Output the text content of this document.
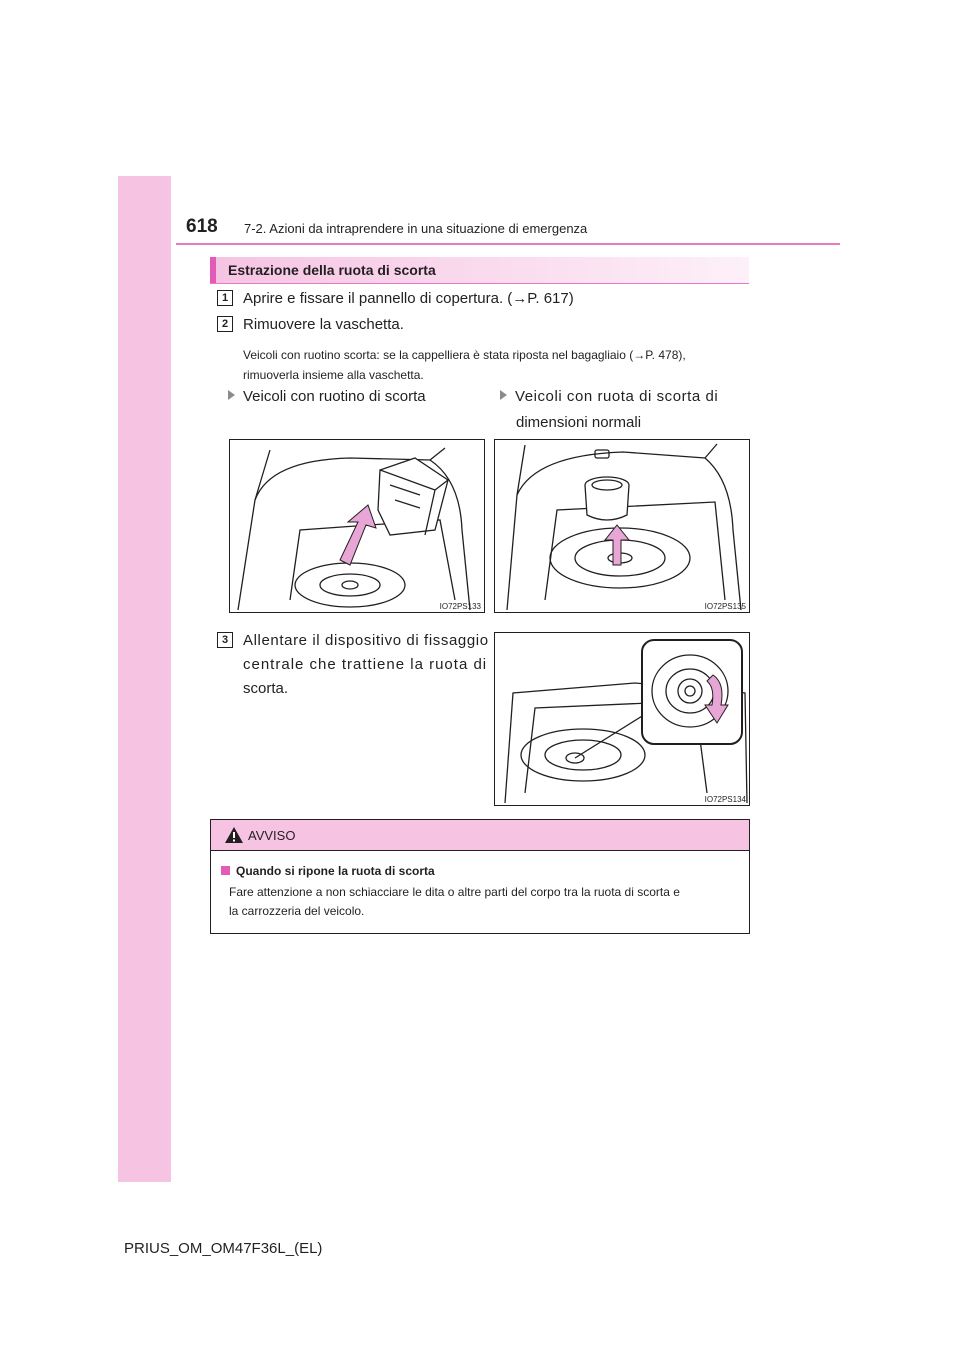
618 7-2. Azioni da intraprendere in una situazione di emergenza
Estrazione della ruota di scorta
1 Aprire e fissare il pannello di copertura. (→P. 617)
2 Rimuovere la vaschetta.
Veicoli con ruotino scorta: se la cappelliera è stata riposta nel bagagliaio (→P. 478),
rimuoverla insieme alla vaschetta.
Veicoli con ruotino di scorta	Veicoli con ruota di scorta di
dimensioni normali
IO72PS133	IO72PS135
3 Allentare il dispositivo di fissaggio
centrale che trattiene la ruota di
scorta.
IO72PS134
AVVISO
Quando si ripone la ruota di scorta
Fare attenzione a non schiacciare le dita o altre parti del corpo tra la ruota di scorta e
la carrozzeria del veicolo.
PRIUS_OM_OM47F36L_(EL)
